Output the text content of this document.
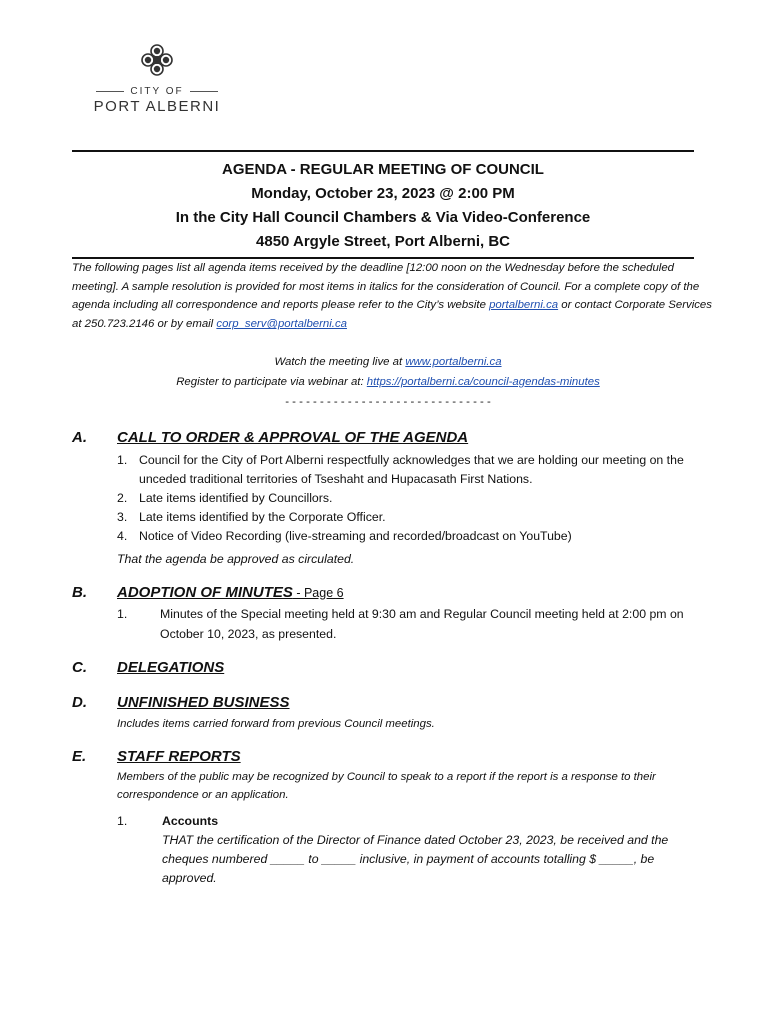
CITY OF
PORT ALBERNI
AGENDA - REGULAR MEETING OF COUNCIL
Monday, October 23, 2023 @ 2:00 PM
In the City Hall Council Chambers & Via Video-Conference
4850 Argyle Street, Port Alberni, BC
The following pages list all agenda items received by the deadline [12:00 noon on the Wednesday before the scheduled meeting]. A sample resolution is provided for most items in italics for the consideration of Council. For a complete copy of the agenda including all correspondence and reports please refer to the City’s website portalberni.ca or contact Corporate Services at 250.723.2146 or by email corp_serv@portalberni.ca
Watch the meeting live at www.portalberni.ca
Register to participate via webinar at: https://portalberni.ca/council-agendas-minutes
- - - - - - - - - - - - - - - - - - - - - - - - - - - - - -
A. CALL TO ORDER & APPROVAL OF THE AGENDA
1. Council for the City of Port Alberni respectfully acknowledges that we are holding our meeting on the unceded traditional territories of Tseshaht and Hupacasath First Nations.
2. Late items identified by Councillors.
3. Late items identified by the Corporate Officer.
4. Notice of Video Recording (live-streaming and recorded/broadcast on YouTube)
That the agenda be approved as circulated.
B. ADOPTION OF MINUTES - Page 6
1.	Minutes of the Special meeting held at 9:30 am and Regular Council meeting held at 2:00 pm on October 10, 2023, as presented.
C. DELEGATIONS
D. UNFINISHED BUSINESS
Includes items carried forward from previous Council meetings.
E. STAFF REPORTS
Members of the public may be recognized by Council to speak to a report if the report is a response to their correspondence or an application.
1.	Accounts
THAT the certification of the Director of Finance dated October 23, 2023, be received and the cheques numbered _____ to _____ inclusive, in payment of accounts totalling $ _____, be approved.
